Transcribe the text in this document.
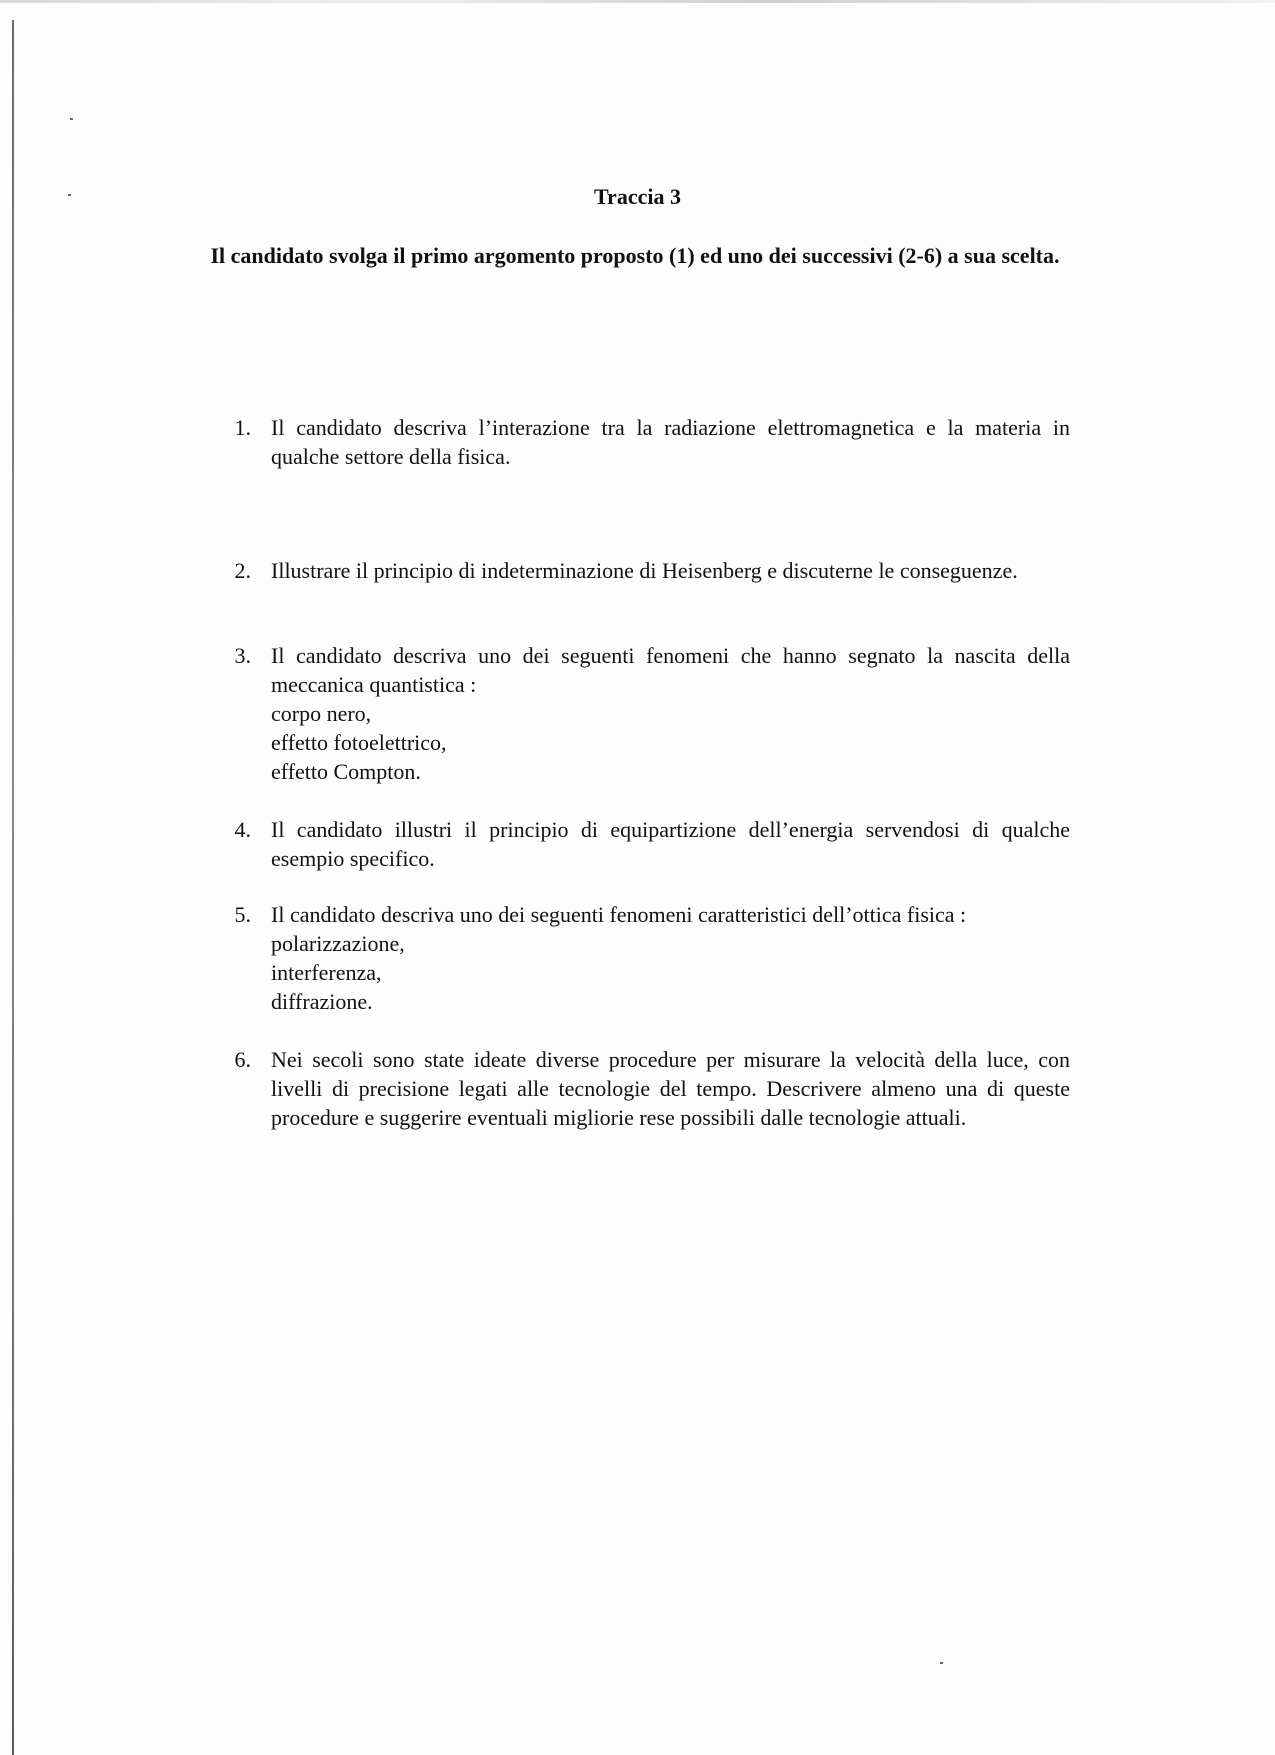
Traccia 3
Il candidato svolga il primo argomento proposto (1) ed uno dei successivi (2-6) a sua scelta.
1. Il candidato descriva l’interazione tra la radiazione elettromagnetica e la materia in qualche settore della fisica.
2. Illustrare il principio di indeterminazione di Heisenberg e discuterne le conseguenze.
3. Il candidato descriva uno dei seguenti fenomeni che hanno segnato la nascita della meccanica quantistica :
corpo nero,
effetto fotoelettrico,
effetto Compton.
4. Il candidato illustri il principio di equipartizione dell’energia servendosi di qualche esempio specifico.
5. Il candidato descriva uno dei seguenti fenomeni caratteristici dell’ottica fisica :
polarizzazione,
interferenza,
diffrazione.
6. Nei secoli sono state ideate diverse procedure per misurare la velocità della luce, con livelli di precisione legati alle tecnologie del tempo. Descrivere almeno una di queste procedure e suggerire eventuali migliorie rese possibili dalle tecnologie attuali.
